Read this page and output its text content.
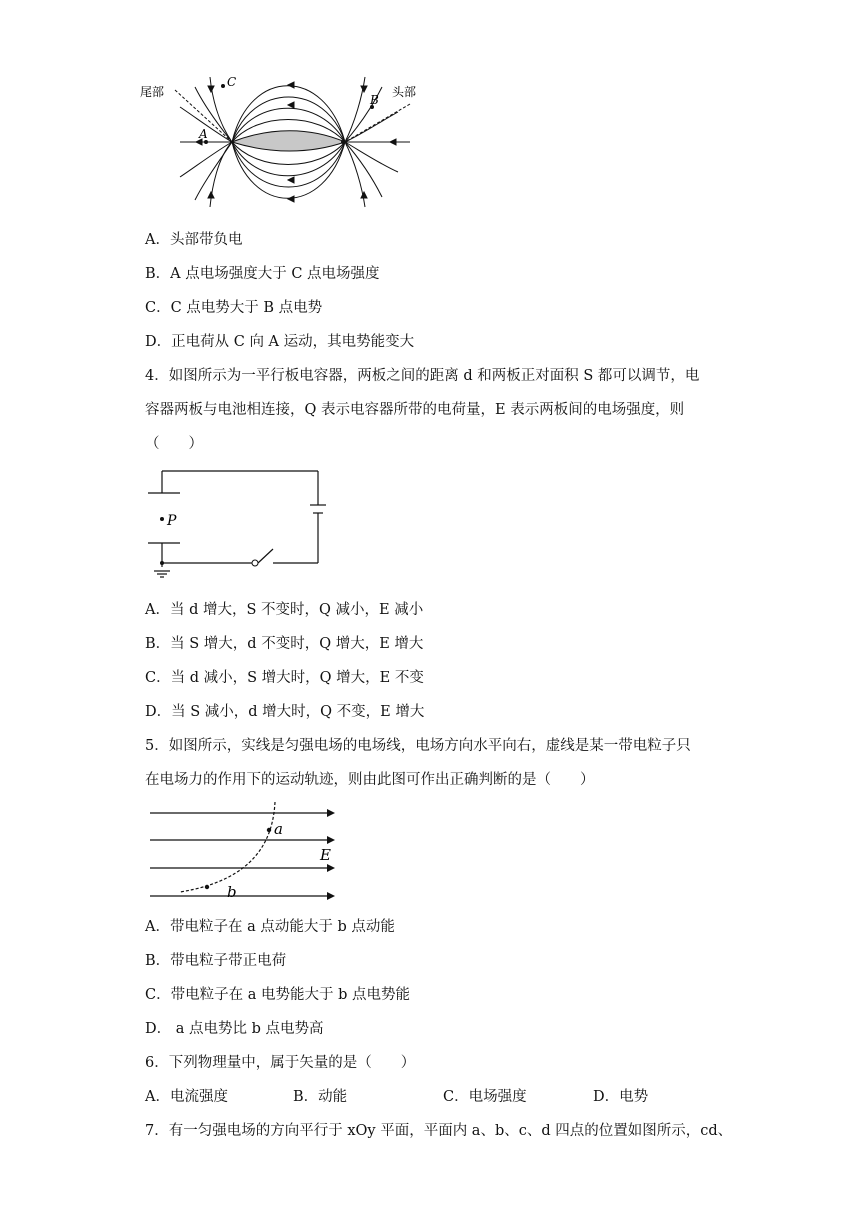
尾部	头部
A
C
B
A．头部带负电
B．A 点电场强度大于 C 点电场强度
C．C 点电势大于 B 点电势
D．正电荷从 C 向 A 运动，其电势能变大
4．如图所示为一平行板电容器，两板之间的距离 d 和两板正对面积 S 都可以调节，电
容器两板与电池相连接，Q 表示电容器所带的电荷量，E 表示两板间的电场强度，则
（　　）
P
A．当 d 增大，S 不变时，Q 减小，E 减小
B．当 S 增大，d 不变时，Q 增大，E 增大
C．当 d 减小，S 增大时，Q 增大，E 不变
D．当 S 减小，d 增大时，Q 不变，E 增大
5．如图所示，实线是匀强电场的电场线，电场方向水平向右，虚线是某一带电粒子只
在电场力的作用下的运动轨迹，则由此图可作出正确判断的是（　　）
a
b
E
A．带电粒子在 a 点动能大于 b 点动能
B．带电粒子带正电荷
C．带电粒子在 a 电势能大于 b 点电势能
D． a 点电势比 b 点电势高
6．下列物理量中，属于矢量的是（　　）
A．电流强度	B．动能	C．电场强度	D．电势
7．有一匀强电场的方向平行于 xOy 平面，平面内 a、b、c、d 四点的位置如图所示，cd、
